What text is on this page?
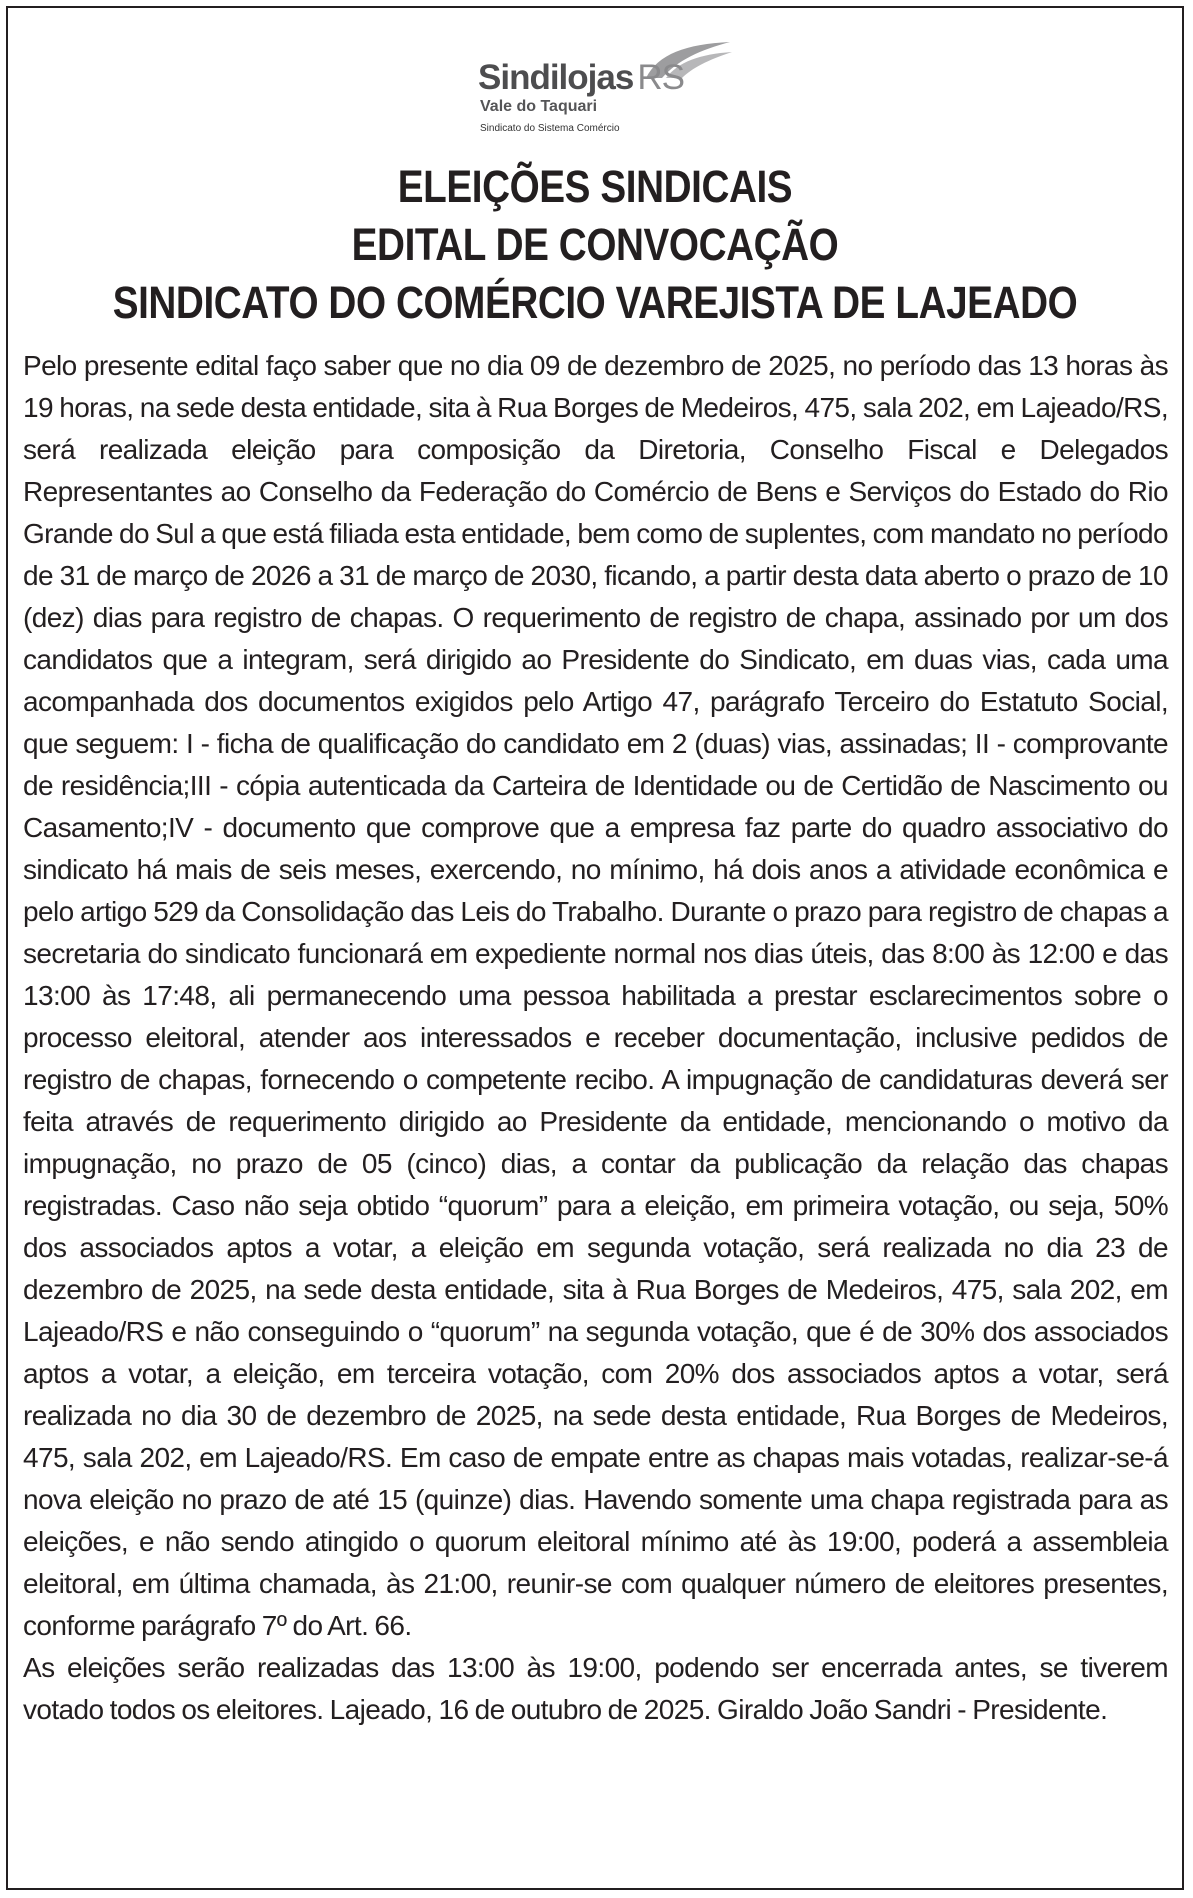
Sindilojas RS
Vale do Taquari
Sindicato do Sistema Comércio
ELEIÇÕES SINDICAIS
EDITAL DE CONVOCAÇÃO
SINDICATO DO COMÉRCIO VAREJISTA DE LAJEADO

Pelo presente edital faço saber que no dia 09 de dezembro de 2025, no período das 13 horas às 19 horas, na sede desta entidade, sita à Rua Borges de Medeiros, 475, sala 202, em Lajeado/RS, será realizada eleição para composição da Diretoria, Conselho Fiscal e Delegados Representantes ao Conselho da Federação do Comércio de Bens e Serviços do Estado do Rio Grande do Sul a que está filiada esta entidade, bem como de suplentes, com mandato no período de 31 de março de 2026 a 31 de março de 2030, ficando, a partir desta data aberto o prazo de 10 (dez) dias para registro de chapas. O requerimento de registro de chapa, assinado por um dos candidatos que a integram, será dirigido ao Presidente do Sindicato, em duas vias, cada uma acompanhada dos documentos exigidos pelo Artigo 47, parágrafo Terceiro do Estatuto Social, que seguem: I - ficha de qualificação do candidato em 2 (duas) vias, assinadas; II - comprovante de residência;III - cópia autenticada da Carteira de Identidade ou de Certidão de Nascimento ou Casamento;IV - documento que comprove que a empresa faz parte do quadro associativo do sindicato há mais de seis meses, exercendo, no mínimo, há dois anos a atividade econômica e pelo artigo 529 da Consolidação das Leis do Trabalho. Durante o prazo para registro de chapas a secretaria do sindicato funcionará em expediente normal nos dias úteis, das 8:00 às 12:00 e das 13:00 às 17:48, ali permanecendo uma pessoa habilitada a prestar esclarecimentos sobre o processo eleitoral, atender aos interessados e receber documentação, inclusive pedidos de registro de chapas, fornecendo o competente recibo. A impugnação de candidaturas deverá ser feita através de requerimento dirigido ao Presidente da entidade, mencionando o motivo da impugnação, no prazo de 05 (cinco) dias, a contar da publicação da relação das chapas registradas. Caso não seja obtido “quorum” para a eleição, em primeira votação, ou seja, 50% dos associados aptos a votar, a eleição em segunda votação, será realizada no dia 23 de dezembro de 2025, na sede desta entidade, sita à Rua Borges de Medeiros, 475, sala 202, em Lajeado/RS e não conseguindo o “quorum” na segunda votação, que é de 30% dos associados aptos a votar, a eleição, em terceira votação, com 20% dos associados aptos a votar, será realizada no dia 30 de dezembro de 2025, na sede desta entidade, Rua Borges de Medeiros, 475, sala 202, em Lajeado/RS. Em caso de empate entre as chapas mais votadas, realizar-se-á nova eleição no prazo de até 15 (quinze) dias. Havendo somente uma chapa registrada para as eleições, e não sendo atingido o quorum eleitoral mínimo até às 19:00, poderá a assembleia eleitoral, em última chamada, às 21:00, reunir-se com qualquer número de eleitores presentes, conforme parágrafo 7º do Art. 66.

As eleições serão realizadas das 13:00 às 19:00, podendo ser encerrada antes, se tiverem votado todos os eleitores. Lajeado, 16 de outubro de 2025. Giraldo João Sandri - Presidente.
